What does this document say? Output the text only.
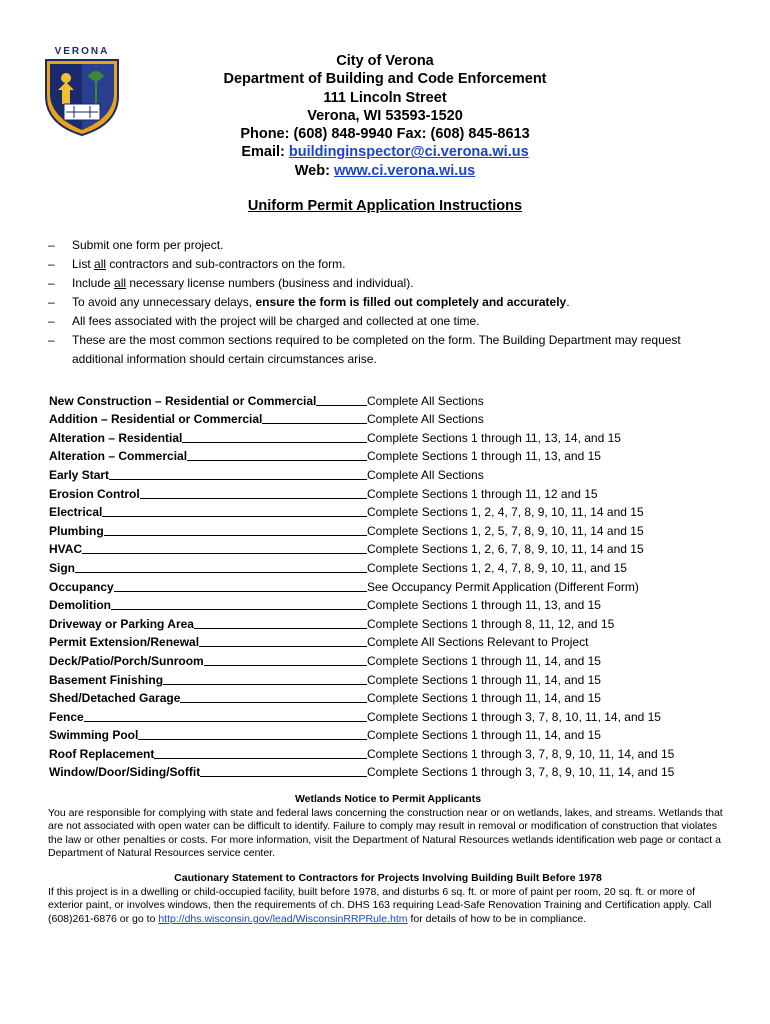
VERONA
City of Verona
Department of Building and Code Enforcement
111 Lincoln Street
Verona, WI 53593-1520
Phone: (608) 848-9940 Fax: (608) 845-8613
Email: buildinginspector@ci.verona.wi.us
Web: www.ci.verona.wi.us
Uniform Permit Application Instructions
– Submit one form per project.
– List all contractors and sub-contractors on the form.
– Include all necessary license numbers (business and individual).
– To avoid any unnecessary delays, ensure the form is filled out completely and accurately.
– All fees associated with the project will be charged and collected at one time.
– These are the most common sections required to be completed on the form. The Building Department may request additional information should certain circumstances arise.
New Construction – Residential or Commercial	Complete All Sections
Addition – Residential or Commercial	Complete All Sections
Alteration – Residential	Complete Sections 1 through 11, 13, 14, and 15
Alteration – Commercial	Complete Sections 1 through 11, 13, and 15
Early Start	Complete All Sections
Erosion Control	Complete Sections 1 through 11, 12 and 15
Electrical	Complete Sections 1, 2, 4, 7, 8, 9, 10, 11, 14 and 15
Plumbing	Complete Sections 1, 2, 5, 7, 8, 9, 10, 11, 14 and 15
HVAC	Complete Sections 1, 2, 6, 7, 8, 9, 10, 11, 14 and 15
Sign	Complete Sections 1, 2, 4, 7, 8, 9, 10, 11, and 15
Occupancy	See Occupancy Permit Application (Different Form)
Demolition	Complete Sections 1 through 11, 13, and 15
Driveway or Parking Area	Complete Sections 1 through 8, 11, 12, and 15
Permit Extension/Renewal	Complete All Sections Relevant to Project
Deck/Patio/Porch/Sunroom	Complete Sections 1 through 11, 14, and 15
Basement Finishing	Complete Sections 1 through 11, 14, and 15
Shed/Detached Garage	Complete Sections 1 through 11, 14, and 15
Fence	Complete Sections 1 through 3, 7, 8, 10, 11, 14, and 15
Swimming Pool	Complete Sections 1 through 11, 14, and 15
Roof Replacement	Complete Sections 1 through 3, 7, 8, 9, 10, 11, 14, and 15
Window/Door/Siding/Soffit	Complete Sections 1 through 3, 7, 8, 9, 10, 11, 14, and 15
Wetlands Notice to Permit Applicants

You are responsible for complying with state and federal laws concerning the construction near or on wetlands, lakes, and streams. Wetlands that are not associated with open water can be difficult to identify. Failure to comply may result in removal or modification of construction that violates the law or other penalties or costs. For more information, visit the Department of Natural Resources wetlands identification web page or contact a Department of Natural Resources service center.

Cautionary Statement to Contractors for Projects Involving Building Built Before 1978

If this project is in a dwelling or child-occupied facility, built before 1978, and disturbs 6 sq. ft. or more of paint per room, 20 sq. ft. or more of exterior paint, or involves windows, then the requirements of ch. DHS 163 requiring Lead-Safe Renovation Training and Certification apply. Call (608)261-6876 or go to http://dhs.wisconsin.gov/lead/WisconsinRRPRule.htm for details of how to be in compliance.
